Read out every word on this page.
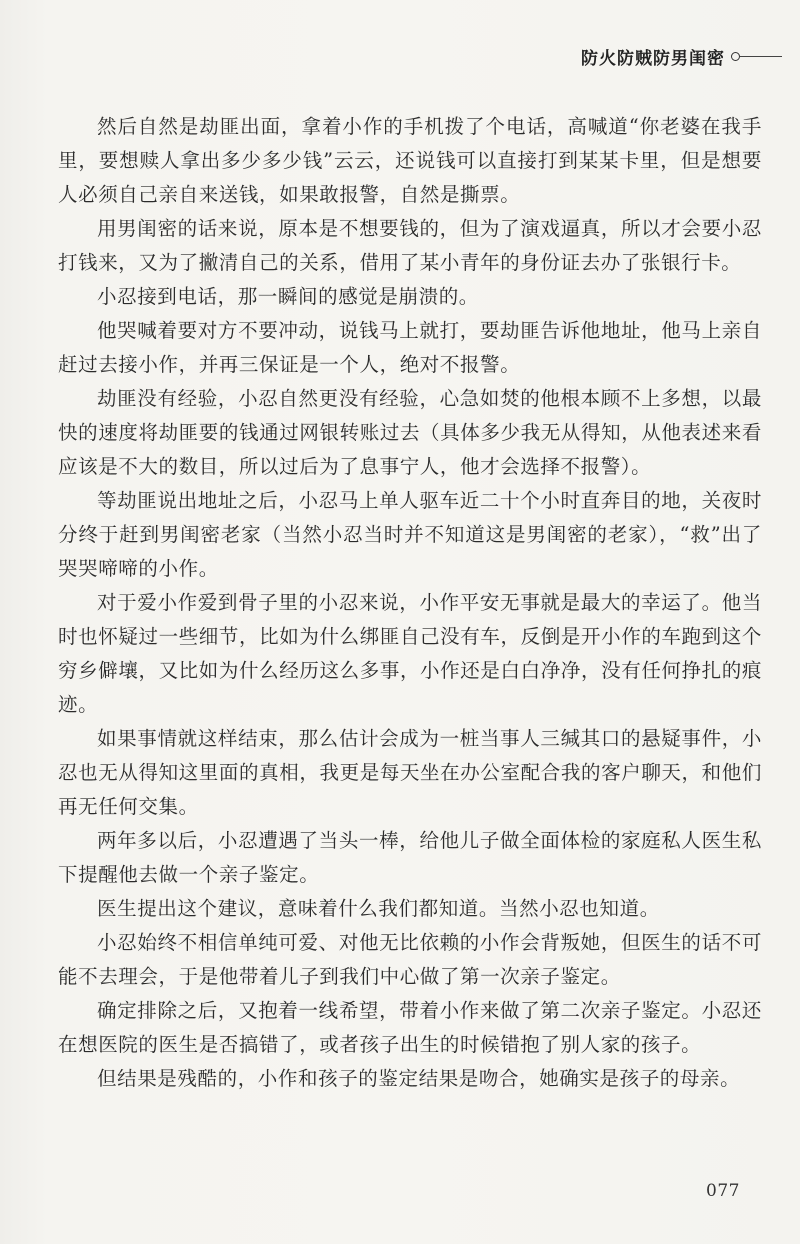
防火防贼防男闺密

然后自然是劫匪出面，拿着小作的手机拨了个电话，高喊道“你老婆在我手里，要想赎人拿出多少多少钱”云云，还说钱可以直接打到某某卡里，但是想要人必须自己亲自来送钱，如果敢报警，自然是撕票。

用男闺密的话来说，原本是不想要钱的，但为了演戏逼真，所以才会要小忍打钱来，又为了撇清自己的关系，借用了某小青年的身份证去办了张银行卡。

小忍接到电话，那一瞬间的感觉是崩溃的。

他哭喊着要对方不要冲动，说钱马上就打，要劫匪告诉他地址，他马上亲自赶过去接小作，并再三保证是一个人，绝对不报警。

劫匪没有经验，小忍自然更没有经验，心急如焚的他根本顾不上多想，以最快的速度将劫匪要的钱通过网银转账过去（具体多少我无从得知，从他表述来看应该是不大的数目，所以过后为了息事宁人，他才会选择不报警）。

等劫匪说出地址之后，小忍马上单人驱车近二十个小时直奔目的地，关夜时分终于赶到男闺密老家（当然小忍当时并不知道这是男闺密的老家），“救”出了哭哭啼啼的小作。

对于爱小作爱到骨子里的小忍来说，小作平安无事就是最大的幸运了。他当时也怀疑过一些细节，比如为什么绑匪自己没有车，反倒是开小作的车跑到这个穷乡僻壤，又比如为什么经历这么多事，小作还是白白净净，没有任何挣扎的痕迹。

如果事情就这样结束，那么估计会成为一桩当事人三缄其口的悬疑事件，小忍也无从得知这里面的真相，我更是每天坐在办公室配合我的客户聊天，和他们再无任何交集。

两年多以后，小忍遭遇了当头一棒，给他儿子做全面体检的家庭私人医生私下提醒他去做一个亲子鉴定。

医生提出这个建议，意味着什么我们都知道。当然小忍也知道。

小忍始终不相信单纯可爱、对他无比依赖的小作会背叛她，但医生的话不可能不去理会，于是他带着儿子到我们中心做了第一次亲子鉴定。

确定排除之后，又抱着一线希望，带着小作来做了第二次亲子鉴定。小忍还在想医院的医生是否搞错了，或者孩子出生的时候错抱了别人家的孩子。

但结果是残酷的，小作和孩子的鉴定结果是吻合，她确实是孩子的母亲。

077
